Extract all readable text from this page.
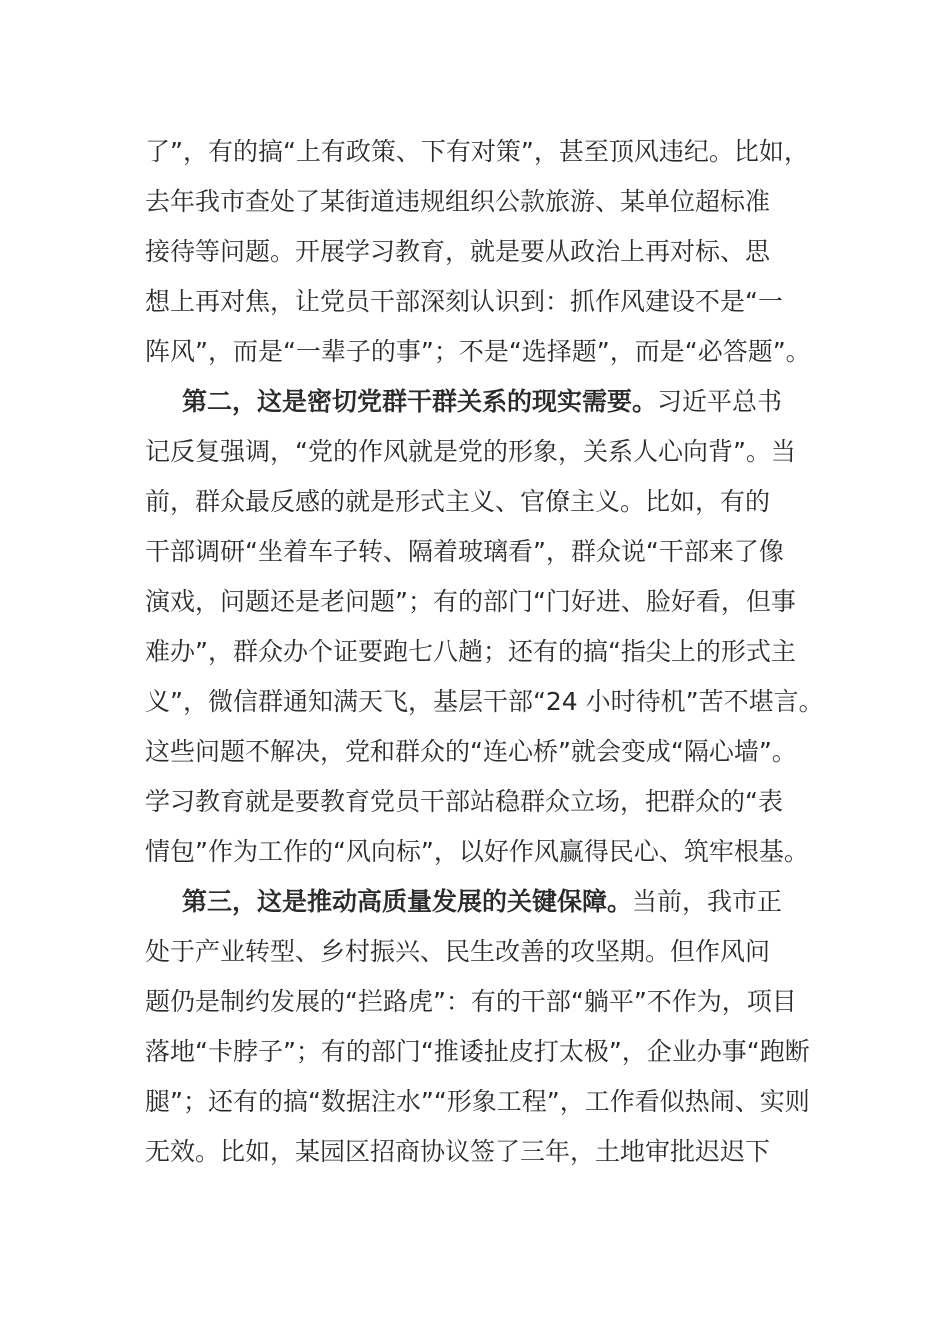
了”，有的搞“上有政策、下有对策”，甚至顶风违纪。比如，
去年我市查处了某街道违规组织公款旅游、某单位超标准
接待等问题。开展学习教育，就是要从政治上再对标、思
想上再对焦，让党员干部深刻认识到：抓作风建设不是“一
阵风”，而是“一辈子的事”；不是“选择题”，而是“必答题”。
第二，这是密切党群干群关系的现实需要。习近平总书
记反复强调，“党的作风就是党的形象，关系人心向背”。当
前，群众最反感的就是形式主义、官僚主义。比如，有的
干部调研“坐着车子转、隔着玻璃看”，群众说“干部来了像
演戏，问题还是老问题”；有的部门“门好进、脸好看，但事
难办”，群众办个证要跑七八趟；还有的搞“指尖上的形式主
义”，微信群通知满天飞，基层干部“24 小时待机”苦不堪言。
这些问题不解决，党和群众的“连心桥”就会变成“隔心墙”。
学习教育就是要教育党员干部站稳群众立场，把群众的“表
情包”作为工作的“风向标”，以好作风赢得民心、筑牢根基。
第三，这是推动高质量发展的关键保障。当前，我市正
处于产业转型、乡村振兴、民生改善的攻坚期。但作风问
题仍是制约发展的“拦路虎”：有的干部“躺平”不作为，项目
落地“卡脖子”；有的部门“推诿扯皮打太极”，企业办事“跑断
腿”；还有的搞“数据注水”“形象工程”，工作看似热闹、实则
无效。比如，某园区招商协议签了三年，土地审批迟迟下
